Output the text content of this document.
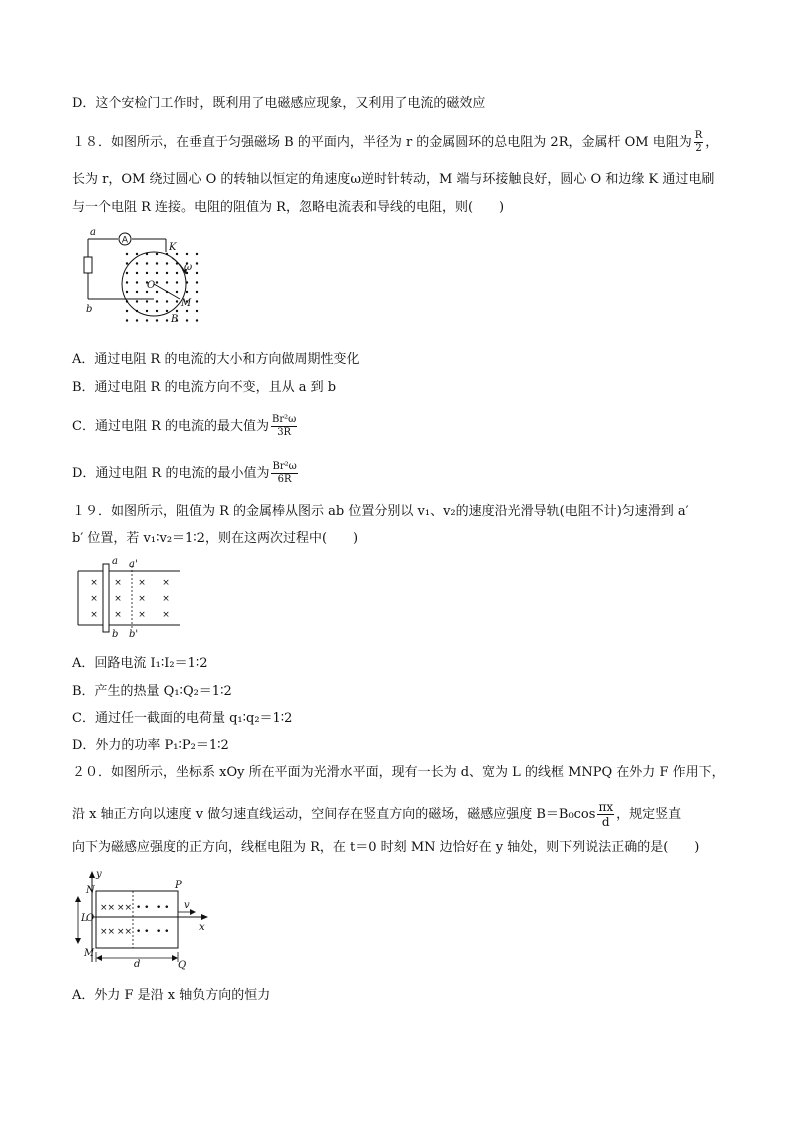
D．这个安检门工作时，既利用了电磁感应现象，又利用了电流的磁效应
１８．如图所示，在垂直于匀强磁场 B 的平面内，半径为 r 的金属圆环的总电阻为 2R，金属杆 OM 电阻为 $\frac{R}{2}$ ，
长为 r，OM 绕过圆心 O 的转轴以恒定的角速度ω逆时针转动，M 端与环接触良好，圆心 O 和边缘 K 通过电刷
与一个电阻 R 连接。电阻的阻值为 R，忽略电流表和导线的电阻，则(　　)
A
a
b
K
ω
O
M
B
A．通过电阻 R 的电流的大小和方向做周期性变化
B．通过电阻 R 的电流方向不变，且从 a 到 b
C．通过电阻 R 的电流的最大值为 $\frac{\text{Br²ω}}{3R}$
D．通过电阻 R 的电流的最小值为 $\frac{\text{Br²ω}}{6R}$
１９．如图所示，阻值为 R 的金属棒从图示 ab 位置分别以 v₁、v₂的速度沿光滑导轨(电阻不计)匀速滑到 a′
b′ 位置，若 v₁∶v₂＝1∶2，则在这两次过程中(　　)
× × × ×
× × × ×
× × × ×
a
b
a'
b'
A．回路电流 I₁∶I₂＝1∶2
B．产生的热量 Q₁∶Q₂＝1∶2
C．通过任一截面的电荷量 q₁∶q₂＝1∶2
D．外力的功率 P₁∶P₂＝1∶2
２０．如图所示，坐标系 xOy 所在平面为光滑水平面，现有一长为 d、宽为 L 的线框 MNPQ 在外力 F 作用下，
沿 x 轴正方向以速度 v 做匀速直线运动，空间存在竖直方向的磁场，磁感应强度 $B=B_0\cos \frac{\pi x}{d}$ ，规定竖直
向下为磁感应强度的正方向，线框电阻为 R，在 t＝0 时刻 MN 边恰好在 y 轴处，则下列说法正确的是(　　)
××
××
××
××
• •
• •
• •
• •
y
x
N	P
L
O
M
Q
v
d
A．外力 F 是沿 x 轴负方向的恒力
